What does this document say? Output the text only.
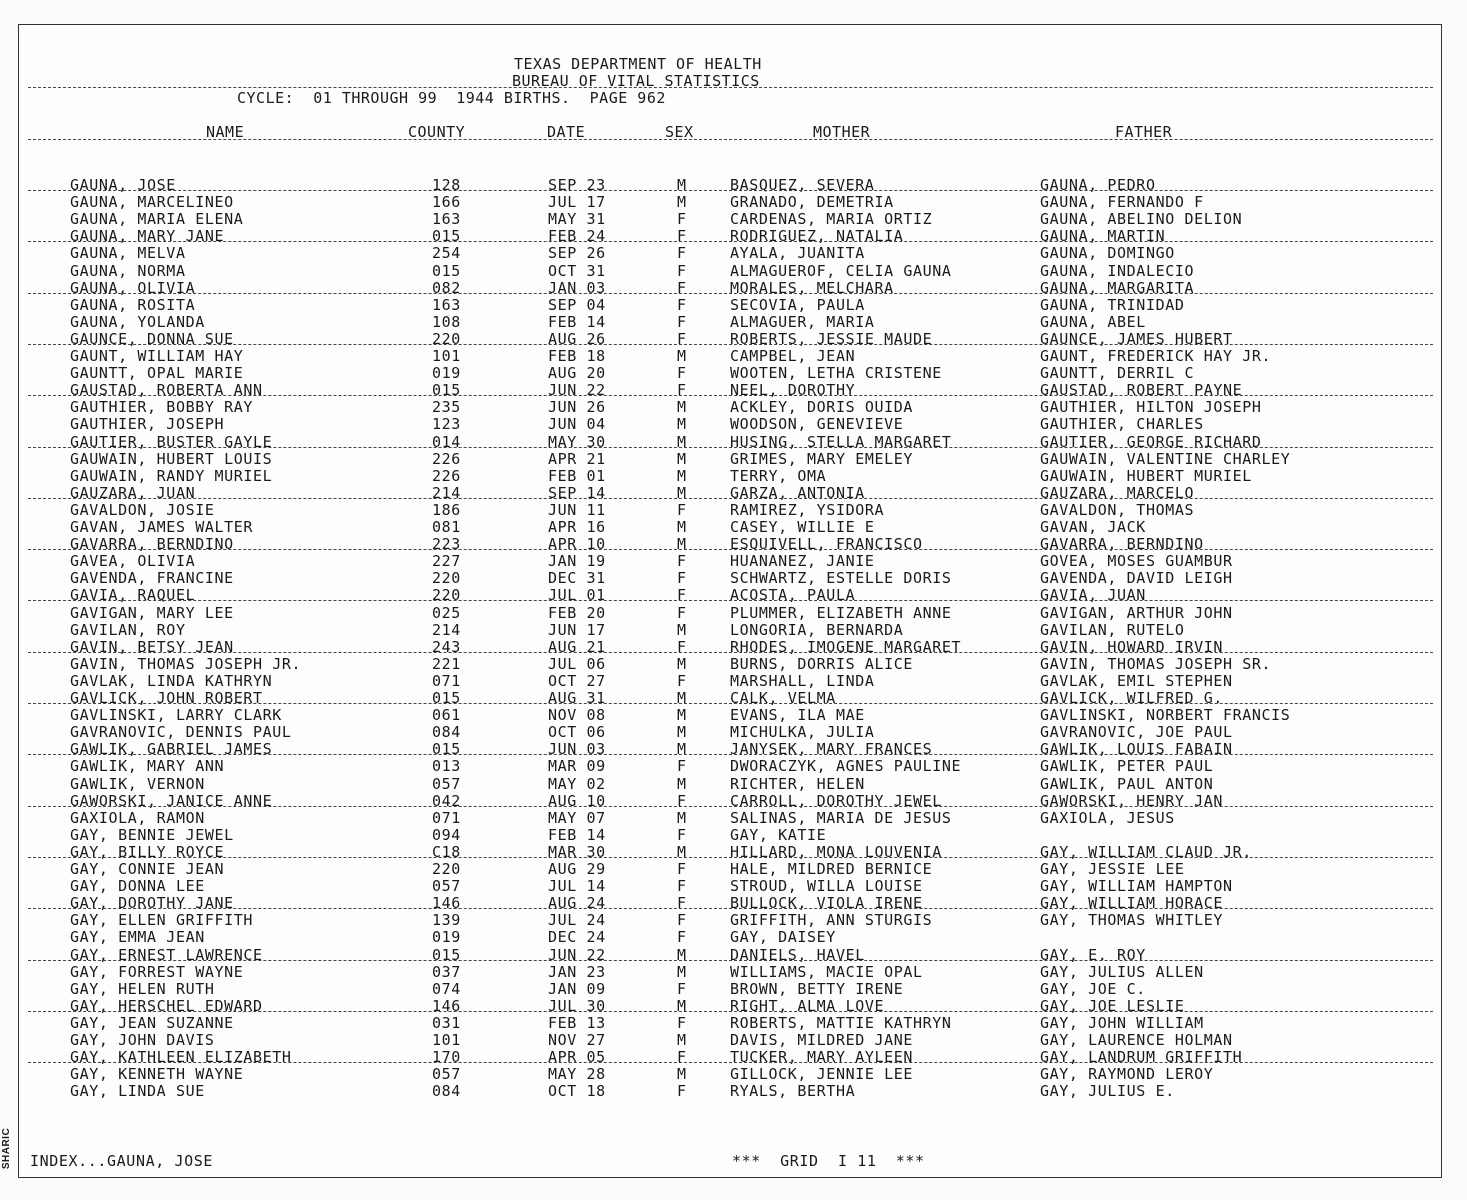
TEXAS DEPARTMENT OF HEALTH
BUREAU OF VITAL STATISTICS
CYCLE:  01 THROUGH 99  1944 BIRTHS.  PAGE 962
NAME	COUNTY	DATE	SEX	MOTHER	FATHER
GAUNA, JOSE	128	SEP 23	M	BASQUEZ, SEVERA	GAUNA, PEDRO
GAUNA, MARCELINEO	166	JUL 17	M	GRANADO, DEMETRIA	GAUNA, FERNANDO F
GAUNA, MARIA ELENA	163	MAY 31	F	CARDENAS, MARIA ORTIZ	GAUNA, ABELINO DELION
GAUNA, MARY JANE	015	FEB 24	F	RODRIGUEZ, NATALIA	GAUNA, MARTIN
GAUNA, MELVA	254	SEP 26	F	AYALA, JUANITA	GAUNA, DOMINGO
GAUNA, NORMA	015	OCT 31	F	ALMAGUEROF, CELIA GAUNA	GAUNA, INDALECIO
GAUNA, OLIVIA	082	JAN 03	F	MORALES, MELCHARA	GAUNA, MARGARITA
GAUNA, ROSITA	163	SEP 04	F	SECOVIA, PAULA	GAUNA, TRINIDAD
GAUNA, YOLANDA	108	FEB 14	F	ALMAGUER, MARIA	GAUNA, ABEL
GAUNCE, DONNA SUE	220	AUG 26	F	ROBERTS, JESSIE MAUDE	GAUNCE, JAMES HUBERT
GAUNT, WILLIAM HAY	101	FEB 18	M	CAMPBEL, JEAN	GAUNT, FREDERICK HAY JR.
GAUNTT, OPAL MARIE	019	AUG 20	F	WOOTEN, LETHA CRISTENE	GAUNTT, DERRIL C
GAUSTAD, ROBERTA ANN	015	JUN 22	F	NEEL, DOROTHY	GAUSTAD, ROBERT PAYNE
GAUTHIER, BOBBY RAY	235	JUN 26	M	ACKLEY, DORIS OUIDA	GAUTHIER, HILTON JOSEPH
GAUTHIER, JOSEPH	123	JUN 04	M	WOODSON, GENEVIEVE	GAUTHIER, CHARLES
GAUTIER, BUSTER GAYLE	014	MAY 30	M	HUSING, STELLA MARGARET	GAUTIER, GEORGE RICHARD
GAUWAIN, HUBERT LOUIS	226	APR 21	M	GRIMES, MARY EMELEY	GAUWAIN, VALENTINE CHARLEY
GAUWAIN, RANDY MURIEL	226	FEB 01	M	TERRY, OMA	GAUWAIN, HUBERT MURIEL
GAUZARA, JUAN	214	SEP 14	M	GARZA, ANTONIA	GAUZARA, MARCELO
GAVALDON, JOSIE	186	JUN 11	F	RAMIREZ, YSIDORA	GAVALDON, THOMAS
GAVAN, JAMES WALTER	081	APR 16	M	CASEY, WILLIE E	GAVAN, JACK
GAVARRA, BERNDINO	223	APR 10	M	ESQUIVELL, FRANCISCO	GAVARRA, BERNDINO
GAVEA, OLIVIA	227	JAN 19	F	HUANANEZ, JANIE	GOVEA, MOSES GUAMBUR
GAVENDA, FRANCINE	220	DEC 31	F	SCHWARTZ, ESTELLE DORIS	GAVENDA, DAVID LEIGH
GAVIA, RAQUEL	220	JUL 01	F	ACOSTA, PAULA	GAVIA, JUAN
GAVIGAN, MARY LEE	025	FEB 20	F	PLUMMER, ELIZABETH ANNE	GAVIGAN, ARTHUR JOHN
GAVILAN, ROY	214	JUN 17	M	LONGORIA, BERNARDA	GAVILAN, RUTELO
GAVIN, BETSY JEAN	243	AUG 21	F	RHODES, IMOGENE MARGARET	GAVIN, HOWARD IRVIN
GAVIN, THOMAS JOSEPH JR.	221	JUL 06	M	BURNS, DORRIS ALICE	GAVIN, THOMAS JOSEPH SR.
GAVLAK, LINDA KATHRYN	071	OCT 27	F	MARSHALL, LINDA	GAVLAK, EMIL STEPHEN
GAVLICK, JOHN ROBERT	015	AUG 31	M	CALK, VELMA	GAVLICK, WILFRED G.
GAVLINSKI, LARRY CLARK	061	NOV 08	M	EVANS, ILA MAE	GAVLINSKI, NORBERT FRANCIS
GAVRANOVIC, DENNIS PAUL	084	OCT 06	M	MICHULKA, JULIA	GAVRANOVIC, JOE PAUL
GAWLIK, GABRIEL JAMES	015	JUN 03	M	JANYSEK, MARY FRANCES	GAWLIK, LOUIS FABAIN
GAWLIK, MARY ANN	013	MAR 09	F	DWORACZYK, AGNES PAULINE	GAWLIK, PETER PAUL
GAWLIK, VERNON	057	MAY 02	M	RICHTER, HELEN	GAWLIK, PAUL ANTON
GAWORSKI, JANICE ANNE	042	AUG 10	F	CARROLL, DOROTHY JEWEL	GAWORSKI, HENRY JAN
GAXIOLA, RAMON	071	MAY 07	M	SALINAS, MARIA DE JESUS	GAXIOLA, JESUS
GAY, BENNIE JEWEL	094	FEB 14	F	GAY, KATIE
GAY, BILLY ROYCE	C18	MAR 30	M	HILLARD, MONA LOUVENIA	GAY, WILLIAM CLAUD JR.
GAY, CONNIE JEAN	220	AUG 29	F	HALE, MILDRED BERNICE	GAY, JESSIE LEE
GAY, DONNA LEE	057	JUL 14	F	STROUD, WILLA LOUISE	GAY, WILLIAM HAMPTON
GAY, DOROTHY JANE	146	AUG 24	F	BULLOCK, VIOLA IRENE	GAY, WILLIAM HORACE
GAY, ELLEN GRIFFITH	139	JUL 24	F	GRIFFITH, ANN STURGIS	GAY, THOMAS WHITLEY
GAY, EMMA JEAN	019	DEC 24	F	GAY, DAISEY
GAY, ERNEST LAWRENCE	015	JUN 22	M	DANIELS, HAVEL	GAY, E. ROY
GAY, FORREST WAYNE	037	JAN 23	M	WILLIAMS, MACIE OPAL	GAY, JULIUS ALLEN
GAY, HELEN RUTH	074	JAN 09	F	BROWN, BETTY IRENE	GAY, JOE C.
GAY, HERSCHEL EDWARD	146	JUL 30	M	RIGHT, ALMA LOVE	GAY, JOE LESLIE
GAY, JEAN SUZANNE	031	FEB 13	F	ROBERTS, MATTIE KATHRYN	GAY, JOHN WILLIAM
GAY, JOHN DAVIS	101	NOV 27	M	DAVIS, MILDRED JANE	GAY, LAURENCE HOLMAN
GAY, KATHLEEN ELIZABETH	170	APR 05	F	TUCKER, MARY AYLEEN	GAY, LANDRUM GRIFFITH
GAY, KENNETH WAYNE	057	MAY 28	M	GILLOCK, JENNIE LEE	GAY, RAYMOND LEROY
GAY, LINDA SUE	084	OCT 18	F	RYALS, BERTHA	GAY, JULIUS E.
INDEX...GAUNA, JOSE	***  GRID  I 11  ***
SHARIC
